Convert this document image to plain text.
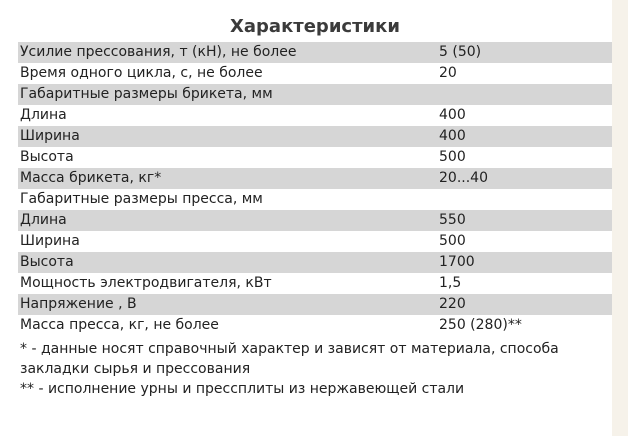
Характеристики
Усилие прессования, т (кН), не более	5 (50)
Время одного цикла, с, не более	20
Габаритные размеры брикета, мм
Длина	400
Ширина	400
Высота	500
Масса брикета, кг*	20...40
Габаритные размеры пресса, мм
Длина	550
Ширина	500
Высота	1700
Мощность электродвигателя, кВт	1,5
Напряжение , В	220
Масса пресса, кг, не более	250 (280)**
* - данные носят справочный характер и зависят от материала, способа
закладки сырья и прессования
** - исполнение урны и пресcплиты из нержавеющей стали
